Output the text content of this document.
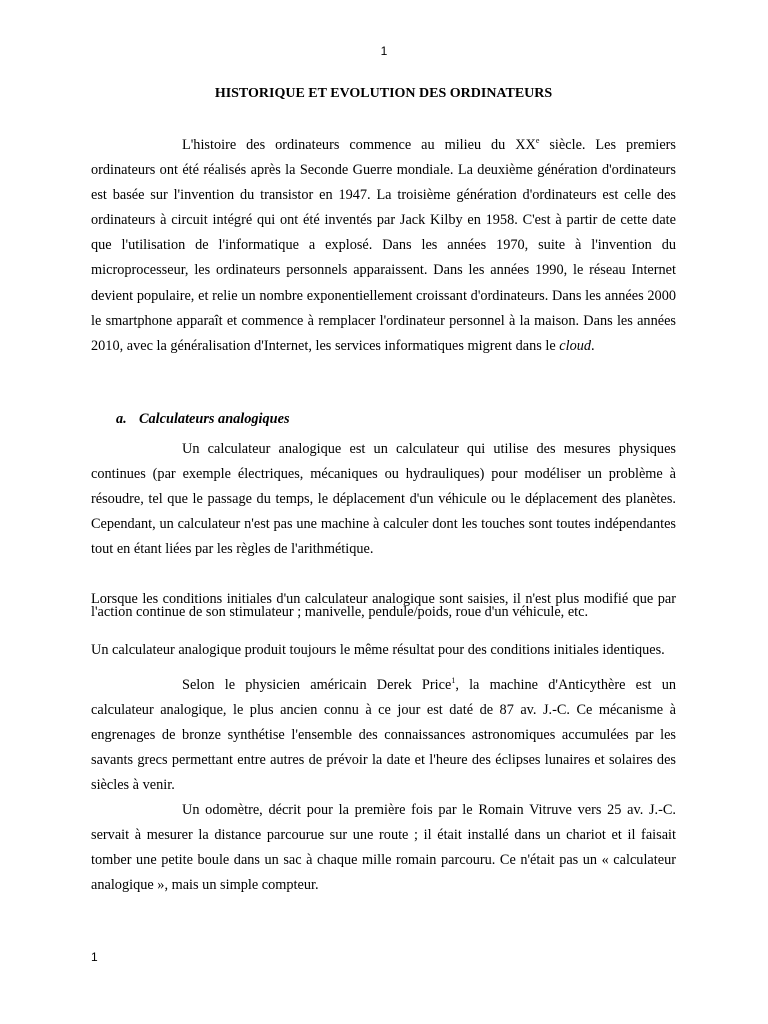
1
HISTORIQUE ET EVOLUTION DES ORDINATEURS

L'histoire des ordinateurs commence au milieu du XXe siècle. Les premiers ordinateurs ont été réalisés après la Seconde Guerre mondiale. La deuxième génération d'ordinateurs est basée sur l'invention du transistor en 1947. La troisième génération d'ordinateurs est celle des ordinateurs à circuit intégré qui ont été inventés par Jack Kilby en 1958. C'est à partir de cette date que l'utilisation de l'informatique a explosé. Dans les années 1970, suite à l'invention du microprocesseur, les ordinateurs personnels apparaissent. Dans les années 1990, le réseau Internet devient populaire, et relie un nombre exponentiellement croissant d'ordinateurs. Dans les années 2000 le smartphone apparaît et commence à remplacer l'ordinateur personnel à la maison. Dans les années 2010, avec la généralisation d'Internet, les services informatiques migrent dans le cloud.

a. Calculateurs analogiques

Un calculateur analogique est un calculateur qui utilise des mesures physiques continues (par exemple électriques, mécaniques ou hydrauliques) pour modéliser un problème à résoudre, tel que le passage du temps, le déplacement d'un véhicule ou le déplacement des planètes. Cependant, un calculateur n'est pas une machine à calculer dont les touches sont toutes indépendantes tout en étant liées par les règles de l'arithmétique.

Lorsque les conditions initiales d'un calculateur analogique sont saisies, il n'est plus modifié que par l'action continue de son stimulateur ; manivelle, pendule/poids, roue d'un véhicule, etc.

Un calculateur analogique produit toujours le même résultat pour des conditions initiales identiques.

Selon le physicien américain Derek Price$^1$, la machine d'Anticythère est un calculateur analogique, le plus ancien connu à ce jour est daté de 87 av. J.-C. Ce mécanisme à engrenages de bronze synthétise l'ensemble des connaissances astronomiques accumulées par les savants grecs permettant entre autres de prévoir la date et l'heure des éclipses lunaires et solaires des siècles à venir.

Un odomètre, décrit pour la première fois par le Romain Vitruve vers 25 av. J.-C. servait à mesurer la distance parcourue sur une route ; il était installé dans un chariot et il faisait tomber une petite boule dans un sac à chaque mille romain parcouru. Ce n'était pas un « calculateur analogique », mais un simple compteur.

1
